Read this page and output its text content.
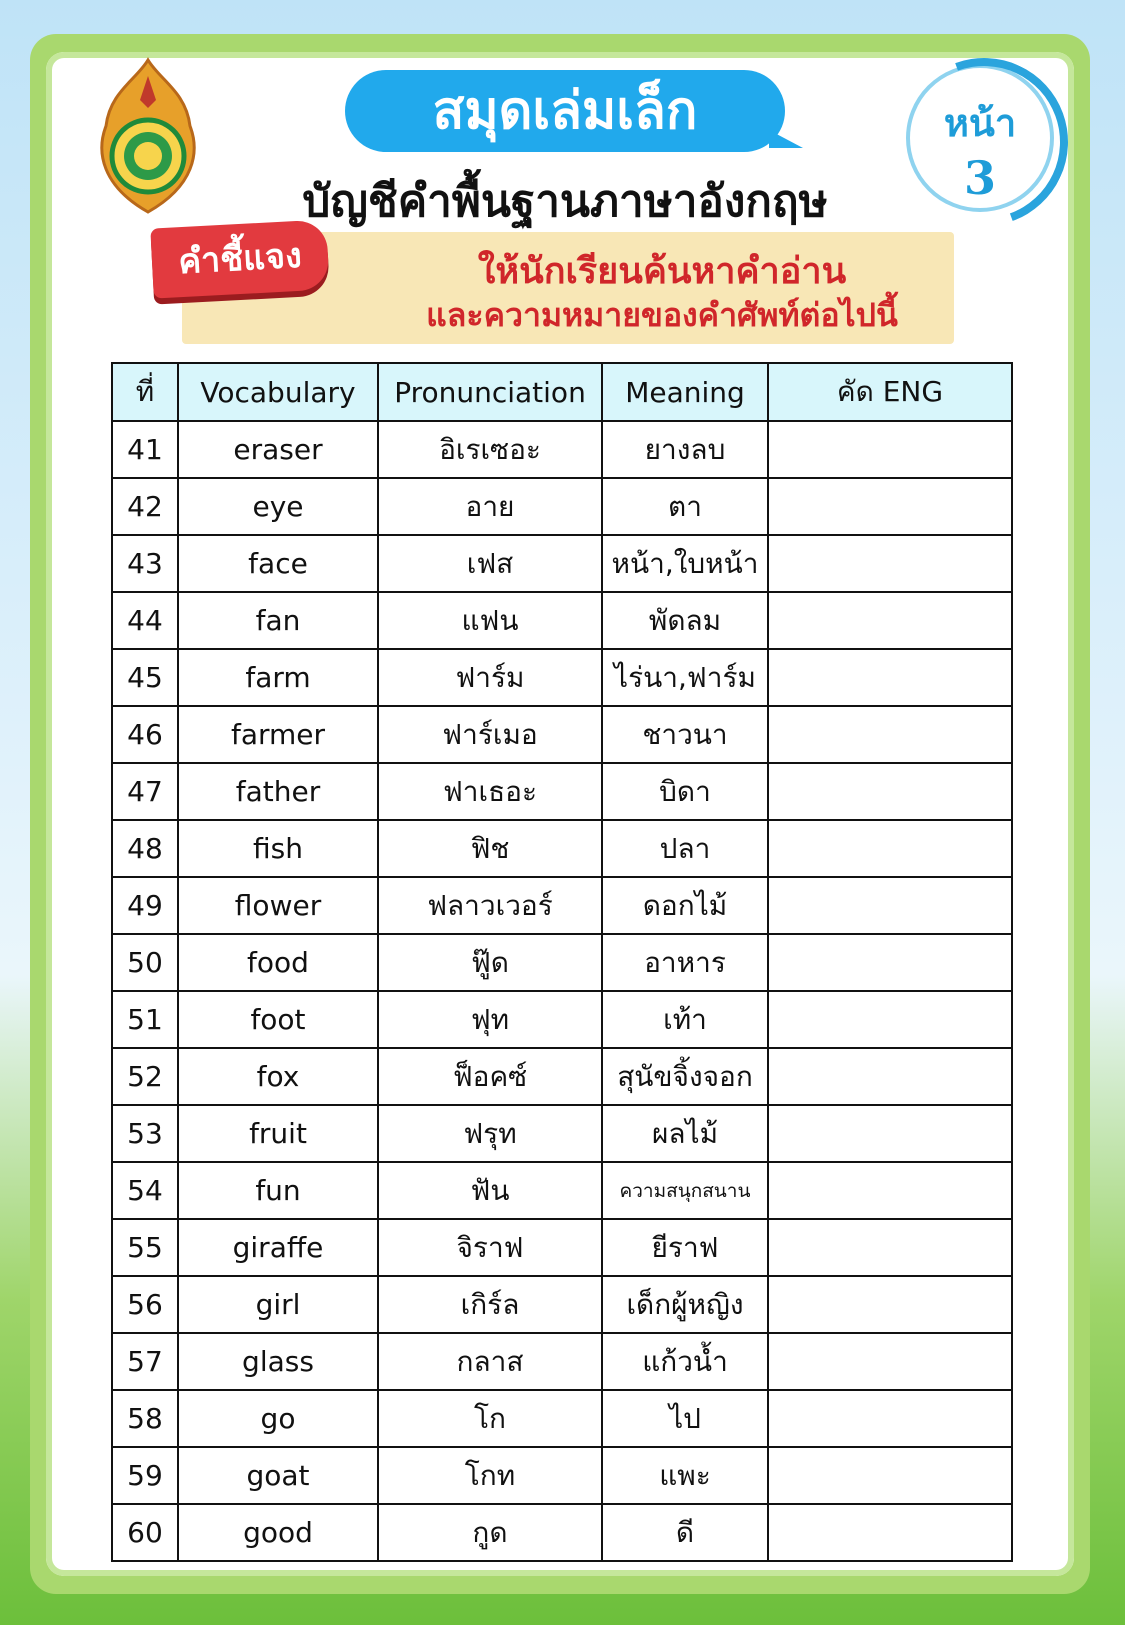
สมุดเล่มเล็ก	หน้า
3
บัญชีคำพื้นฐานภาษาอังกฤษ
ให้นักเรียนค้นหาคำอ่าน
และความหมายของคำศัพท์ต่อไปนี้
คำชี้แจง
ที่	Vocabulary	Pronunciation	Meaning	คัด ENG
41	eraser	อิเรเซอะ	ยางลบ	
42	eye	อาย	ตา	
43	face	เฟส	หน้า,ใบหน้า	
44	fan	แฟน	พัดลม	
45	farm	ฟาร์ม	ไร่นา,ฟาร์ม	
46	farmer	ฟาร์เมอ	ชาวนา	
47	father	ฟาเธอะ	บิดา	
48	fish	ฟิช	ปลา	
49	flower	ฟลาวเวอร์	ดอกไม้	
50	food	ฟู๊ด	อาหาร	
51	foot	ฟุท	เท้า	
52	fox	ฟ็อคซ์	สุนัขจิ้งจอก	
53	fruit	ฟรุท	ผลไม้	
54	fun	ฟัน	ความสนุกสนาน	
55	giraffe	จิราฟ	ยีราฟ	
56	girl	เกิร์ล	เด็กผู้หญิง	
57	glass	กลาส	แก้วน้ำ	
58	go	โก	ไป	
59	goat	โกท	แพะ	
60	good	กูด	ดี	
